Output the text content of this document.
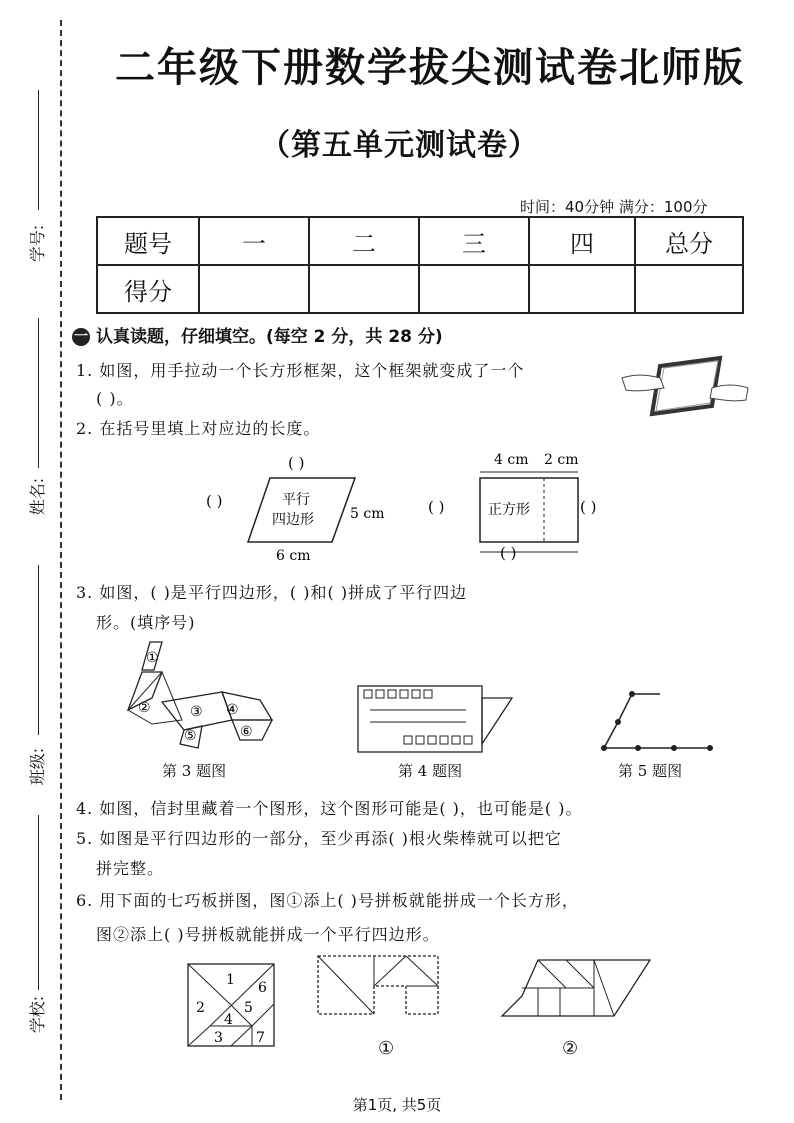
学号:
姓名:
班级:
学校:
二年级下册数学拔尖测试卷北师版
（第五单元测试卷）
时间：40分钟 满分：100分
题号	一	二	三	四	总分
得分					
一 认真读题，仔细填空。(每空 2 分，共 28 分)
1. 如图，用手拉动一个长方形框架，这个框架就变成了一个
( )。
2. 在括号里填上对应边的长度。
( )
平行
四边形	5 cm
( )
6 cm
4 cm 2 cm
正方形
( )	( )
( )
3. 如图，( )是平行四边形，( )和( )拼成了平行四边
形。(填序号)
①
②	③ ④
⑤	⑥
第 3 题图	第 4 题图	第 5 题图
4. 如图，信封里藏着一个图形，这个图形可能是( )，也可能是( )。
5. 如图是平行四边形的一部分，至少再添( )根火柴棒就可以把它
拼完整。
6. 用下面的七巧板拼图，图①添上( )号拼板就能拼成一个长方形，
图②添上( )号拼板就能拼成一个平行四边形。
1
2
3
4
5
6
7	①	②
第1页, 共5页
